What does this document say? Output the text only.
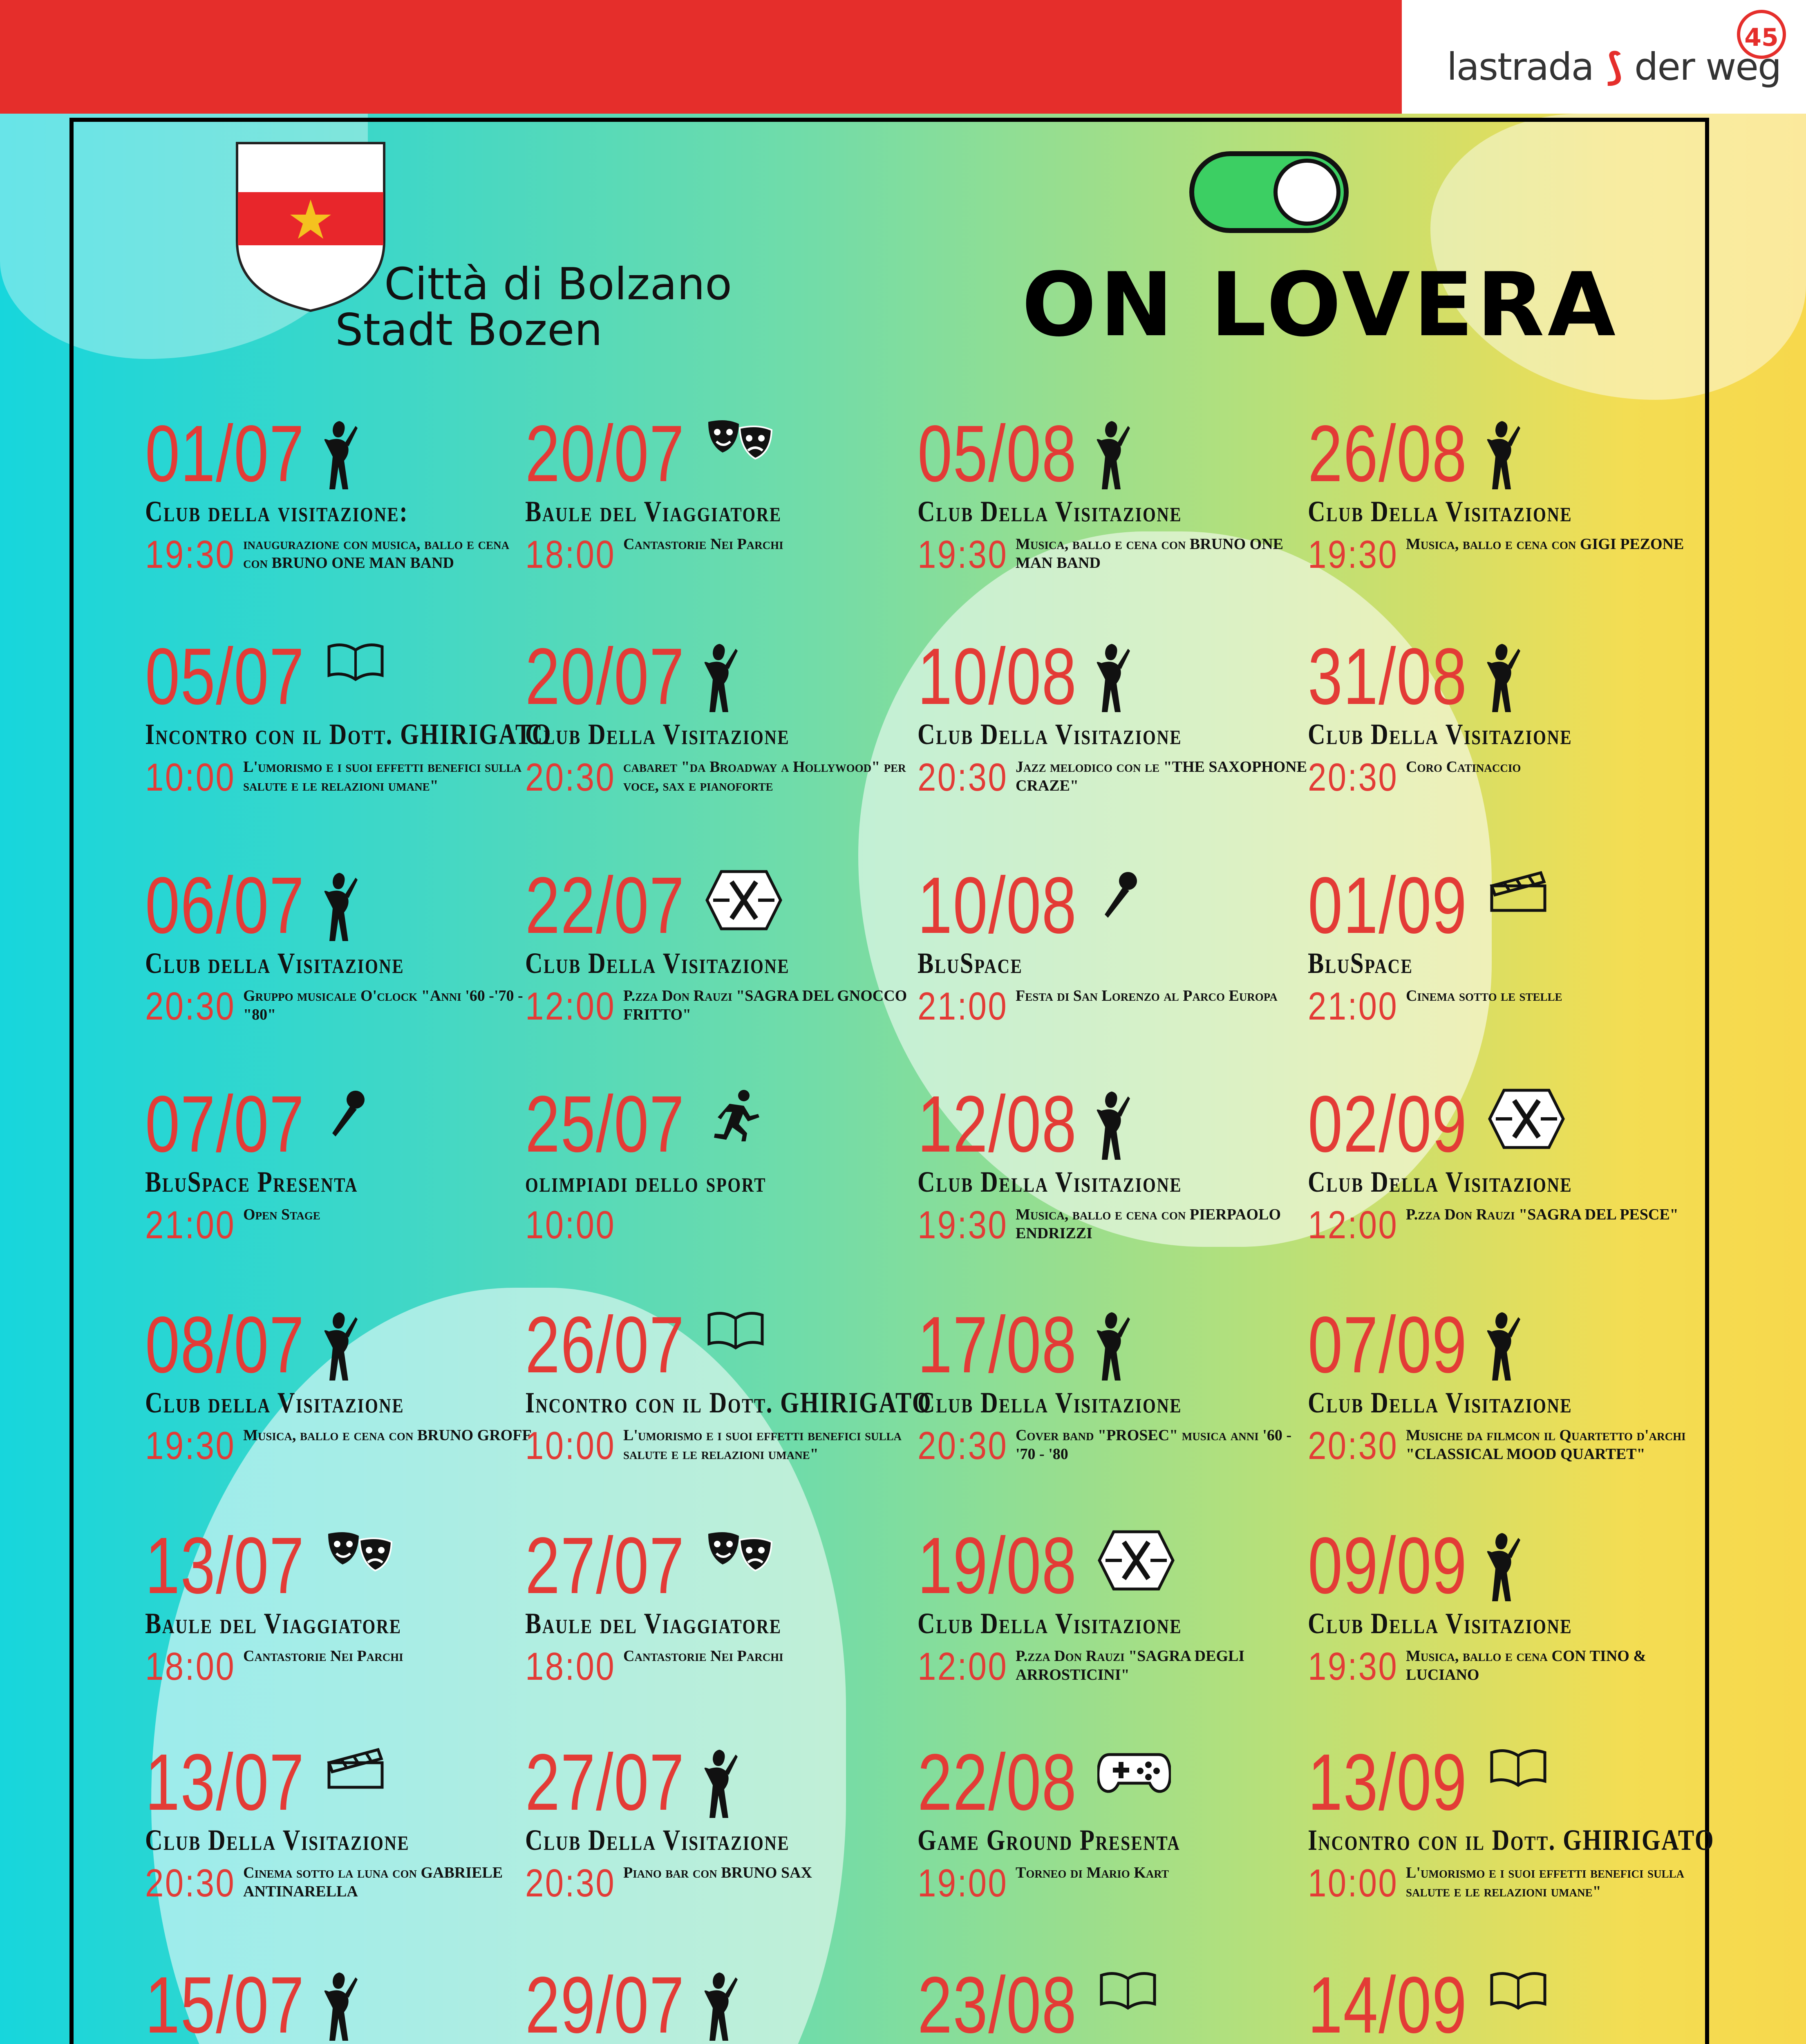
lastrada ⟆ der weg
45
Città di Bolzano
Stadt Bozen	ON LOVERA
01/07
Club della visitazione:
19:30 inaugurazione con musica, ballo e cena con BRUNO ONE MAN BAND
05/07
Incontro con il Dott. GHIRIGATO
10:00 L'umorismo e i suoi effetti benefici sulla salute e le relazioni umane"
06/07
Club della Visitazione
20:30 Gruppo musicale O'clock "Anni '60 -'70 - "80"
07/07
BluSpace Presenta
21:00 Open Stage
08/07
Club della Visitazione
19:30 Musica, ballo e cena con BRUNO GROFF
13/07
Baule del Viaggiatore
18:00 Cantastorie Nei Parchi
13/07
Club Della Visitazione
20:30 Cinema sotto la luna con GABRIELE ANTINARELLA
15/07
20/07
Baule del Viaggiatore
18:00 Cantastorie Nei Parchi
20/07
Club Della Visitazione
20:30 cabaret "da Broadway a Hollywood" per voce, sax e pianoforte
22/07
Club Della Visitazione
12:00 P.zza Don Rauzi "SAGRA DEL GNOCCO FRITTO"
25/07
olimpiadi dello sport
10:00
26/07
Incontro con il Dott. GHIRIGATO
10:00 L'umorismo e i suoi effetti benefici sulla salute e le relazioni umane"
27/07
Baule del Viaggiatore
18:00 Cantastorie Nei Parchi
27/07
Club Della Visitazione
20:30 Piano bar con BRUNO SAX
29/07
05/08
Club Della Visitazione
19:30 Musica, ballo e cena con BRUNO ONE MAN BAND
10/08
Club Della Visitazione
20:30 Jazz melodico con le "THE SAXOPHONE CRAZE"
10/08
BluSpace
21:00 Festa di San Lorenzo al Parco Europa
12/08
Club Della Visitazione
19:30 Musica, ballo e cena con PIERPAOLO ENDRIZZI
17/08
Club Della Visitazione
20:30 Cover band "PROSEC" musica anni '60 - '70 - '80
19/08
Club Della Visitazione
12:00 P.zza Don Rauzi "SAGRA DEGLI ARROSTICINI"
22/08
Game Ground Presenta
19:00 Torneo di Mario Kart
23/08
26/08
Club Della Visitazione
19:30 Musica, ballo e cena con GIGI PEZONE
31/08
Club Della Visitazione
20:30 Coro Catinaccio
01/09
BluSpace
21:00 Cinema sotto le stelle
02/09
Club Della Visitazione
12:00 P.zza Don Rauzi "SAGRA DEL PESCE"
07/09
Club Della Visitazione
20:30 Musiche da filmcon il Quartetto d'archi "CLASSICAL MOOD QUARTET"
09/09
Club Della Visitazione
19:30 Musica, ballo e cena CON TINO & LUCIANO
13/09
Incontro con il Dott. GHIRIGATO
10:00 L'umorismo e i suoi effetti benefici sulla salute e le relazioni umane"
14/09
